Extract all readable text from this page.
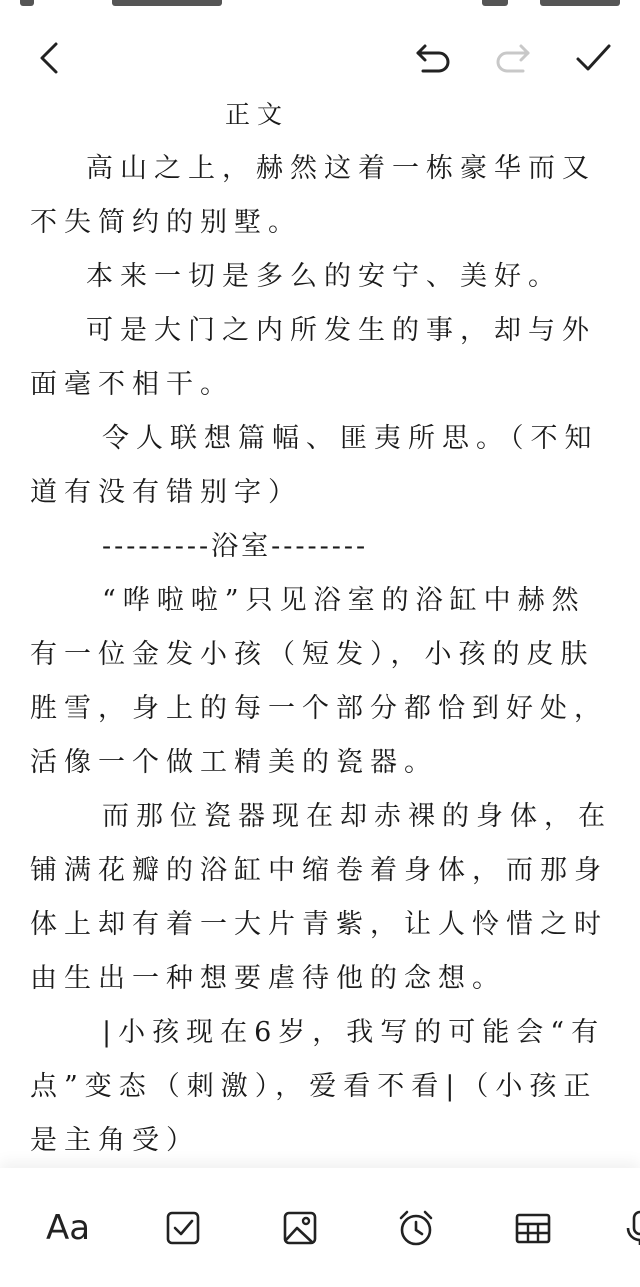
正文

高山之上，赫然这着一栋豪华而又不失简约的别墅。

本来一切是多么的安宁、美好。

可是大门之内所发生的事，却与外面毫不相干。

令人联想篇幅、匪夷所思。（不知道有没有错别字）

---------浴室--------

“哗啦啦”只见浴室的浴缸中赫然有一位金发小孩（短发），小孩的皮肤胜雪，身上的每一个部分都恰到好处，活像一个做工精美的瓷器。

而那位瓷器现在却赤裸的身体，在铺满花瓣的浴缸中缩卷着身体，而那身体上却有着一大片青紫，让人怜惜之时由生出一种想要虐待他的念想。

|小孩现在6岁，我写的可能会“有点”变态（刺激），爱看不看|（小孩正是主角受）

Aa
